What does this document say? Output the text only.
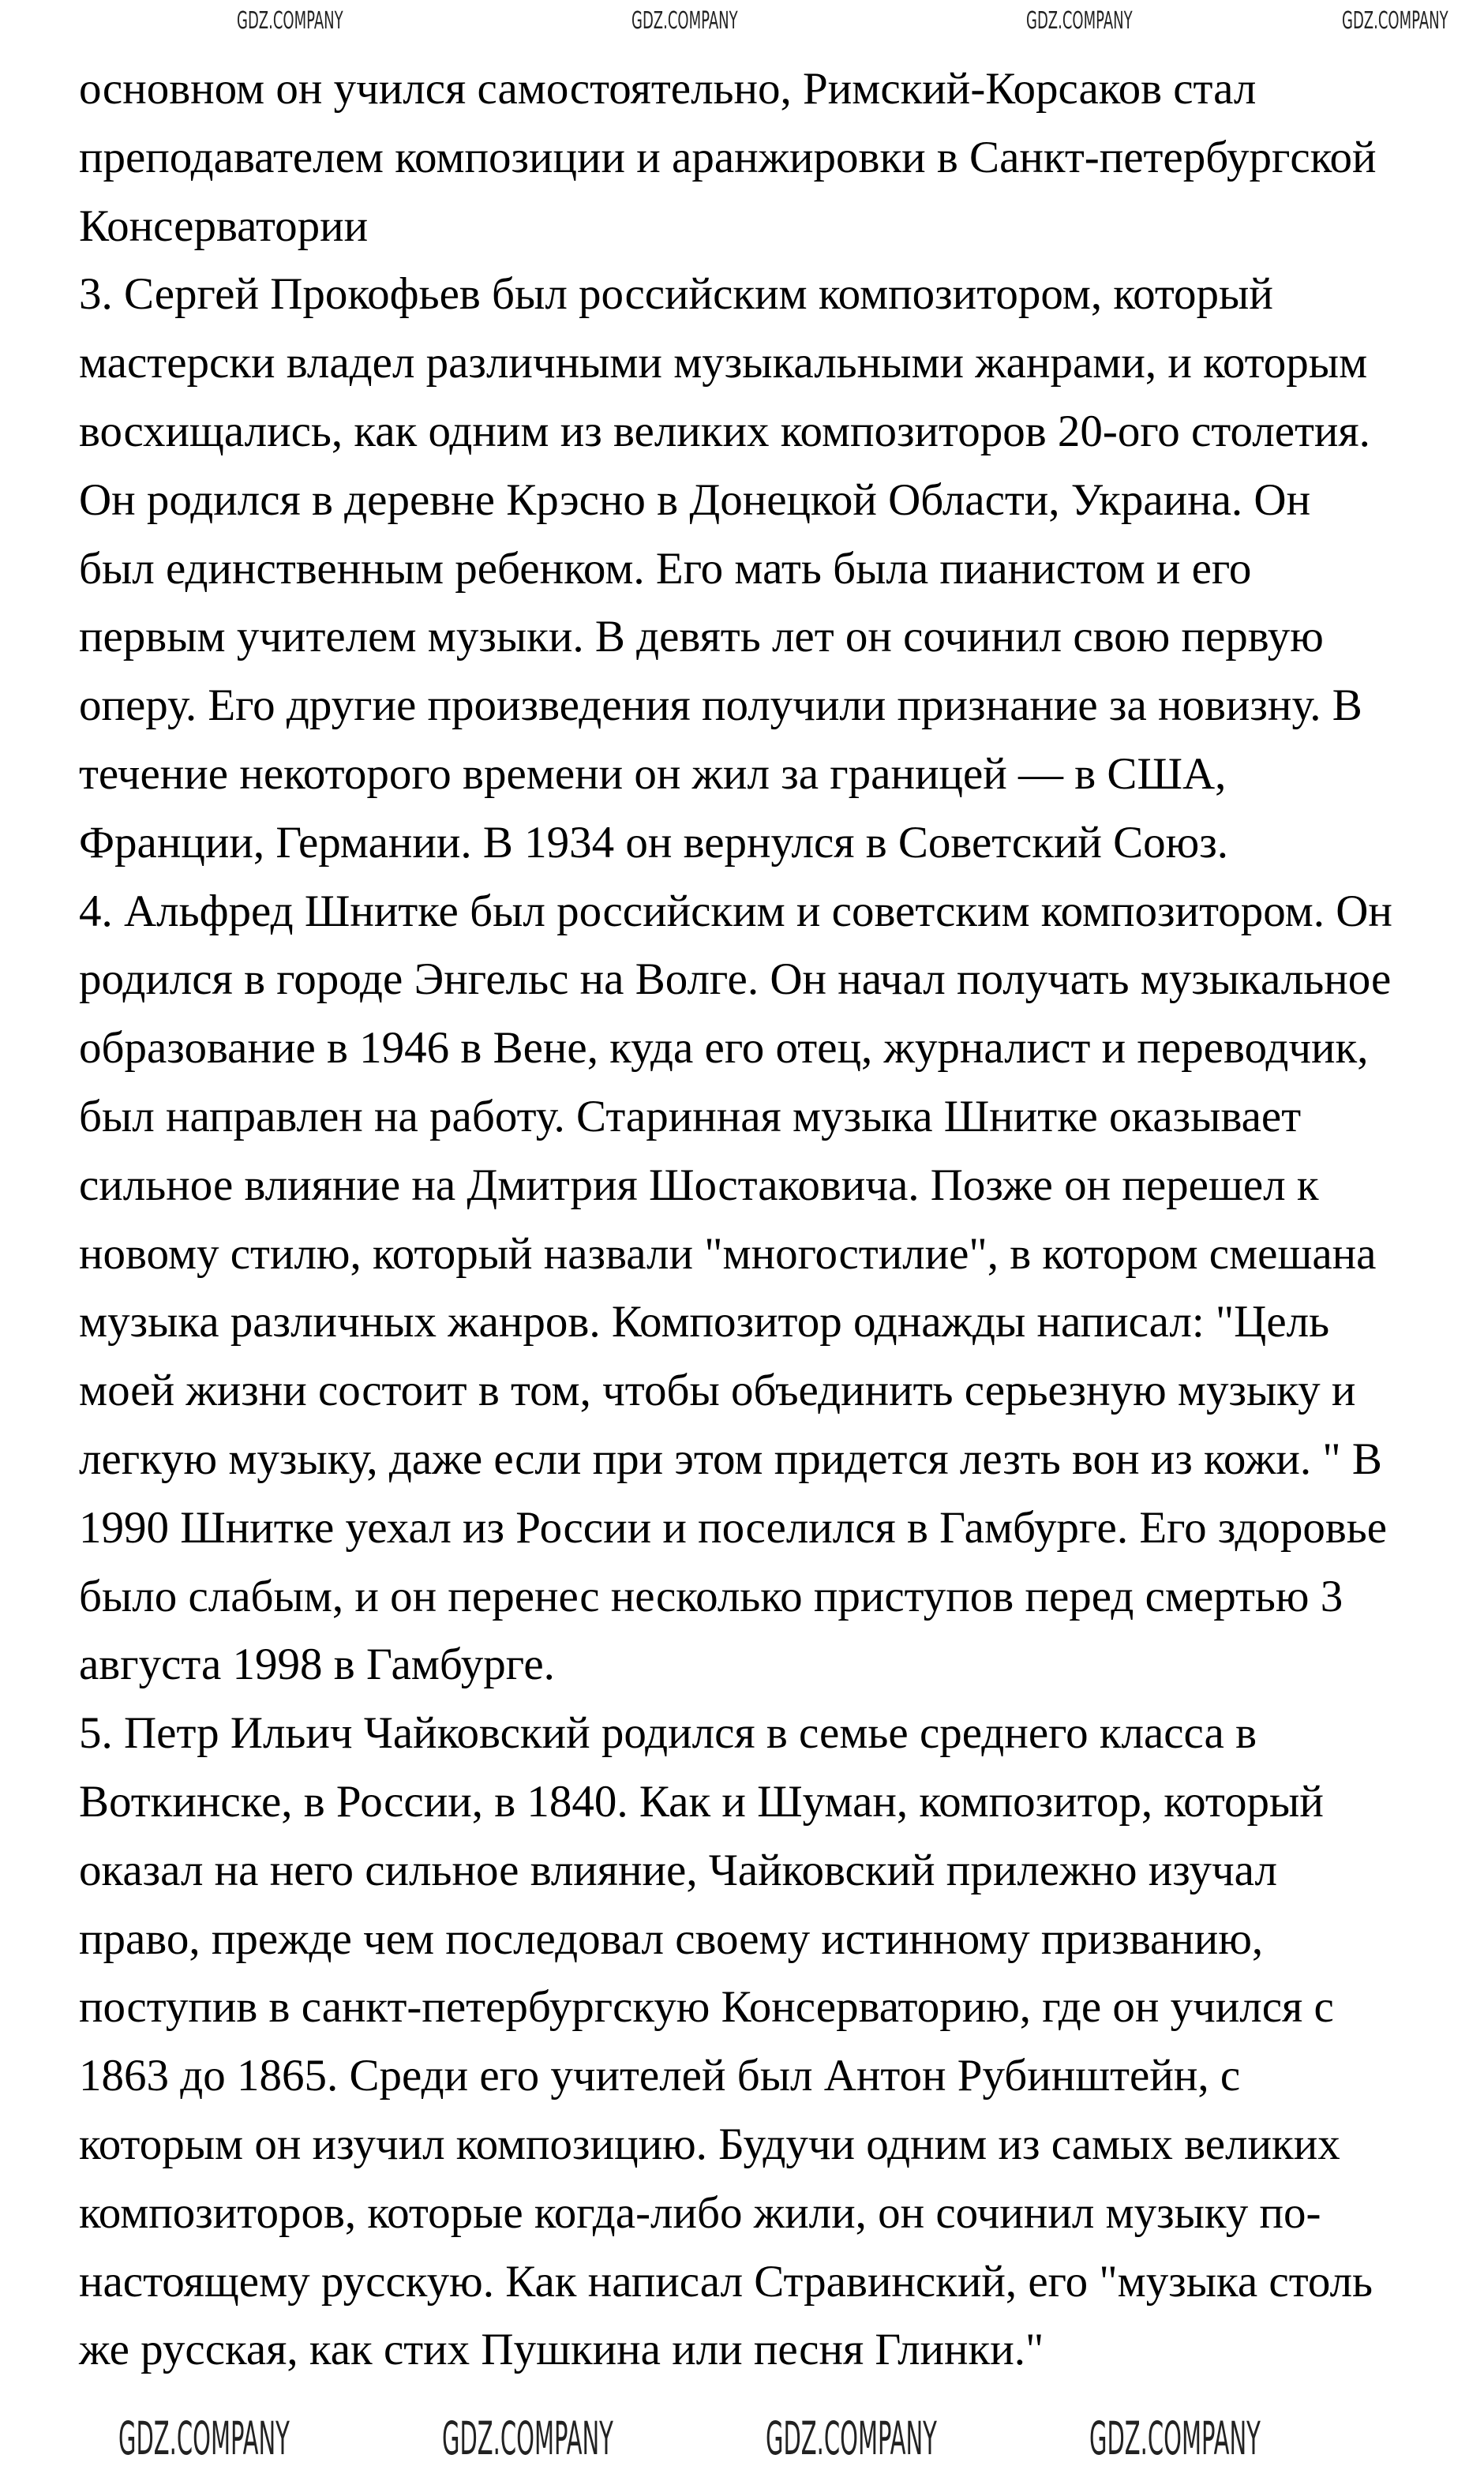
основном он учился самостоятельно, Римский-Корсаков стал
преподавателем композиции и аранжировки в Санкт-петербургской
Консерватории
3. Сергей Прокофьев был российским композитором, который
мастерски владел различными музыкальными жанрами, и которым
восхищались, как одним из великих композиторов 20-ого столетия.
Он родился в деревне Крэсно в Донецкой Области, Украина. Он
был единственным ребенком. Его мать была пианистом и его
первым учителем музыки. В девять лет он сочинил свою первую
оперу. Его другие произведения получили признание за новизну. В
течение некоторого времени он жил за границей — в США,
Франции, Германии. В 1934 он вернулся в Советский Союз.
4. Альфред Шнитке был российским и советским композитором. Он
родился в городе Энгельс на Волге. Он начал получать музыкальное
образование в 1946 в Вене, куда его отец, журналист и переводчик,
был направлен на работу. Старинная музыка Шнитке оказывает
сильное влияние на Дмитрия Шостаковича. Позже он перешел к
новому стилю, который назвали "многостилие", в котором смешана
музыка различных жанров. Композитор однажды написал: "Цель
моей жизни состоит в том, чтобы объединить серьезную музыку и
легкую музыку, даже если при этом придется лезть вон из кожи. " В
1990 Шнитке уехал из России и поселился в Гамбурге. Его здоровье
было слабым, и он перенес несколько приступов перед смертью 3
августа 1998 в Гамбурге.
5. Петр Ильич Чайковский родился в семье среднего класса в
Воткинске, в России, в 1840. Как и Шуман, композитор, который
оказал на него сильное влияние, Чайковский прилежно изучал
право, прежде чем последовал своему истинному призванию,
поступив в санкт-петербургскую Консерваторию, где он учился с
1863 до 1865. Среди его учителей был Антон Рубинштейн, с
которым он изучил композицию. Будучи одним из самых великих
композиторов, которые когда-либо жили, он сочинил музыку по-
настоящему русскую. Как написал Стравинский, его "музыка столь
же русская, как стих Пушкина или песня Глинки."
GDZ.COMPANY	GDZ.COMPANY	GDZ.COMPANY	GDZ.COMPANY
GDZ.COMPANY	GDZ.COMPANY	GDZ.COMPANY	GDZ.COMPANY
